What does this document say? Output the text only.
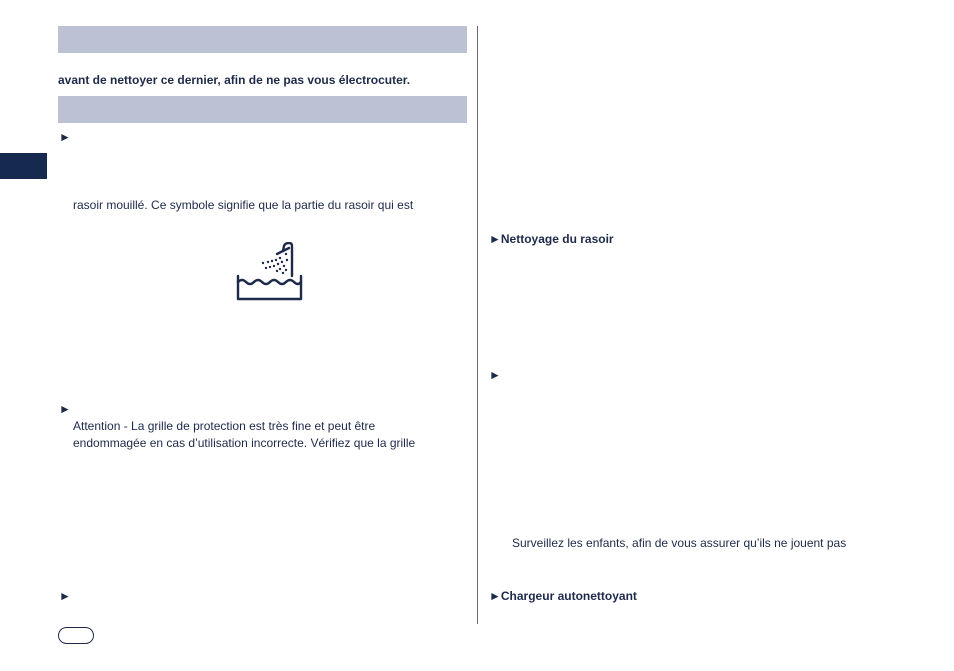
avant de nettoyer ce dernier, afin de ne pas vous électrocuter.
►
rasoir mouillé. Ce symbole signifie que la partie du rasoir qui est
►
Attention - La grille de protection est très fine et peut être
endommagée en cas d’utilisation incorrecte. Vérifiez que la grille
►
►Nettoyage du rasoir
►
Surveillez les enfants, afin de vous assurer qu’ils ne jouent pas
►Chargeur autonettoyant
